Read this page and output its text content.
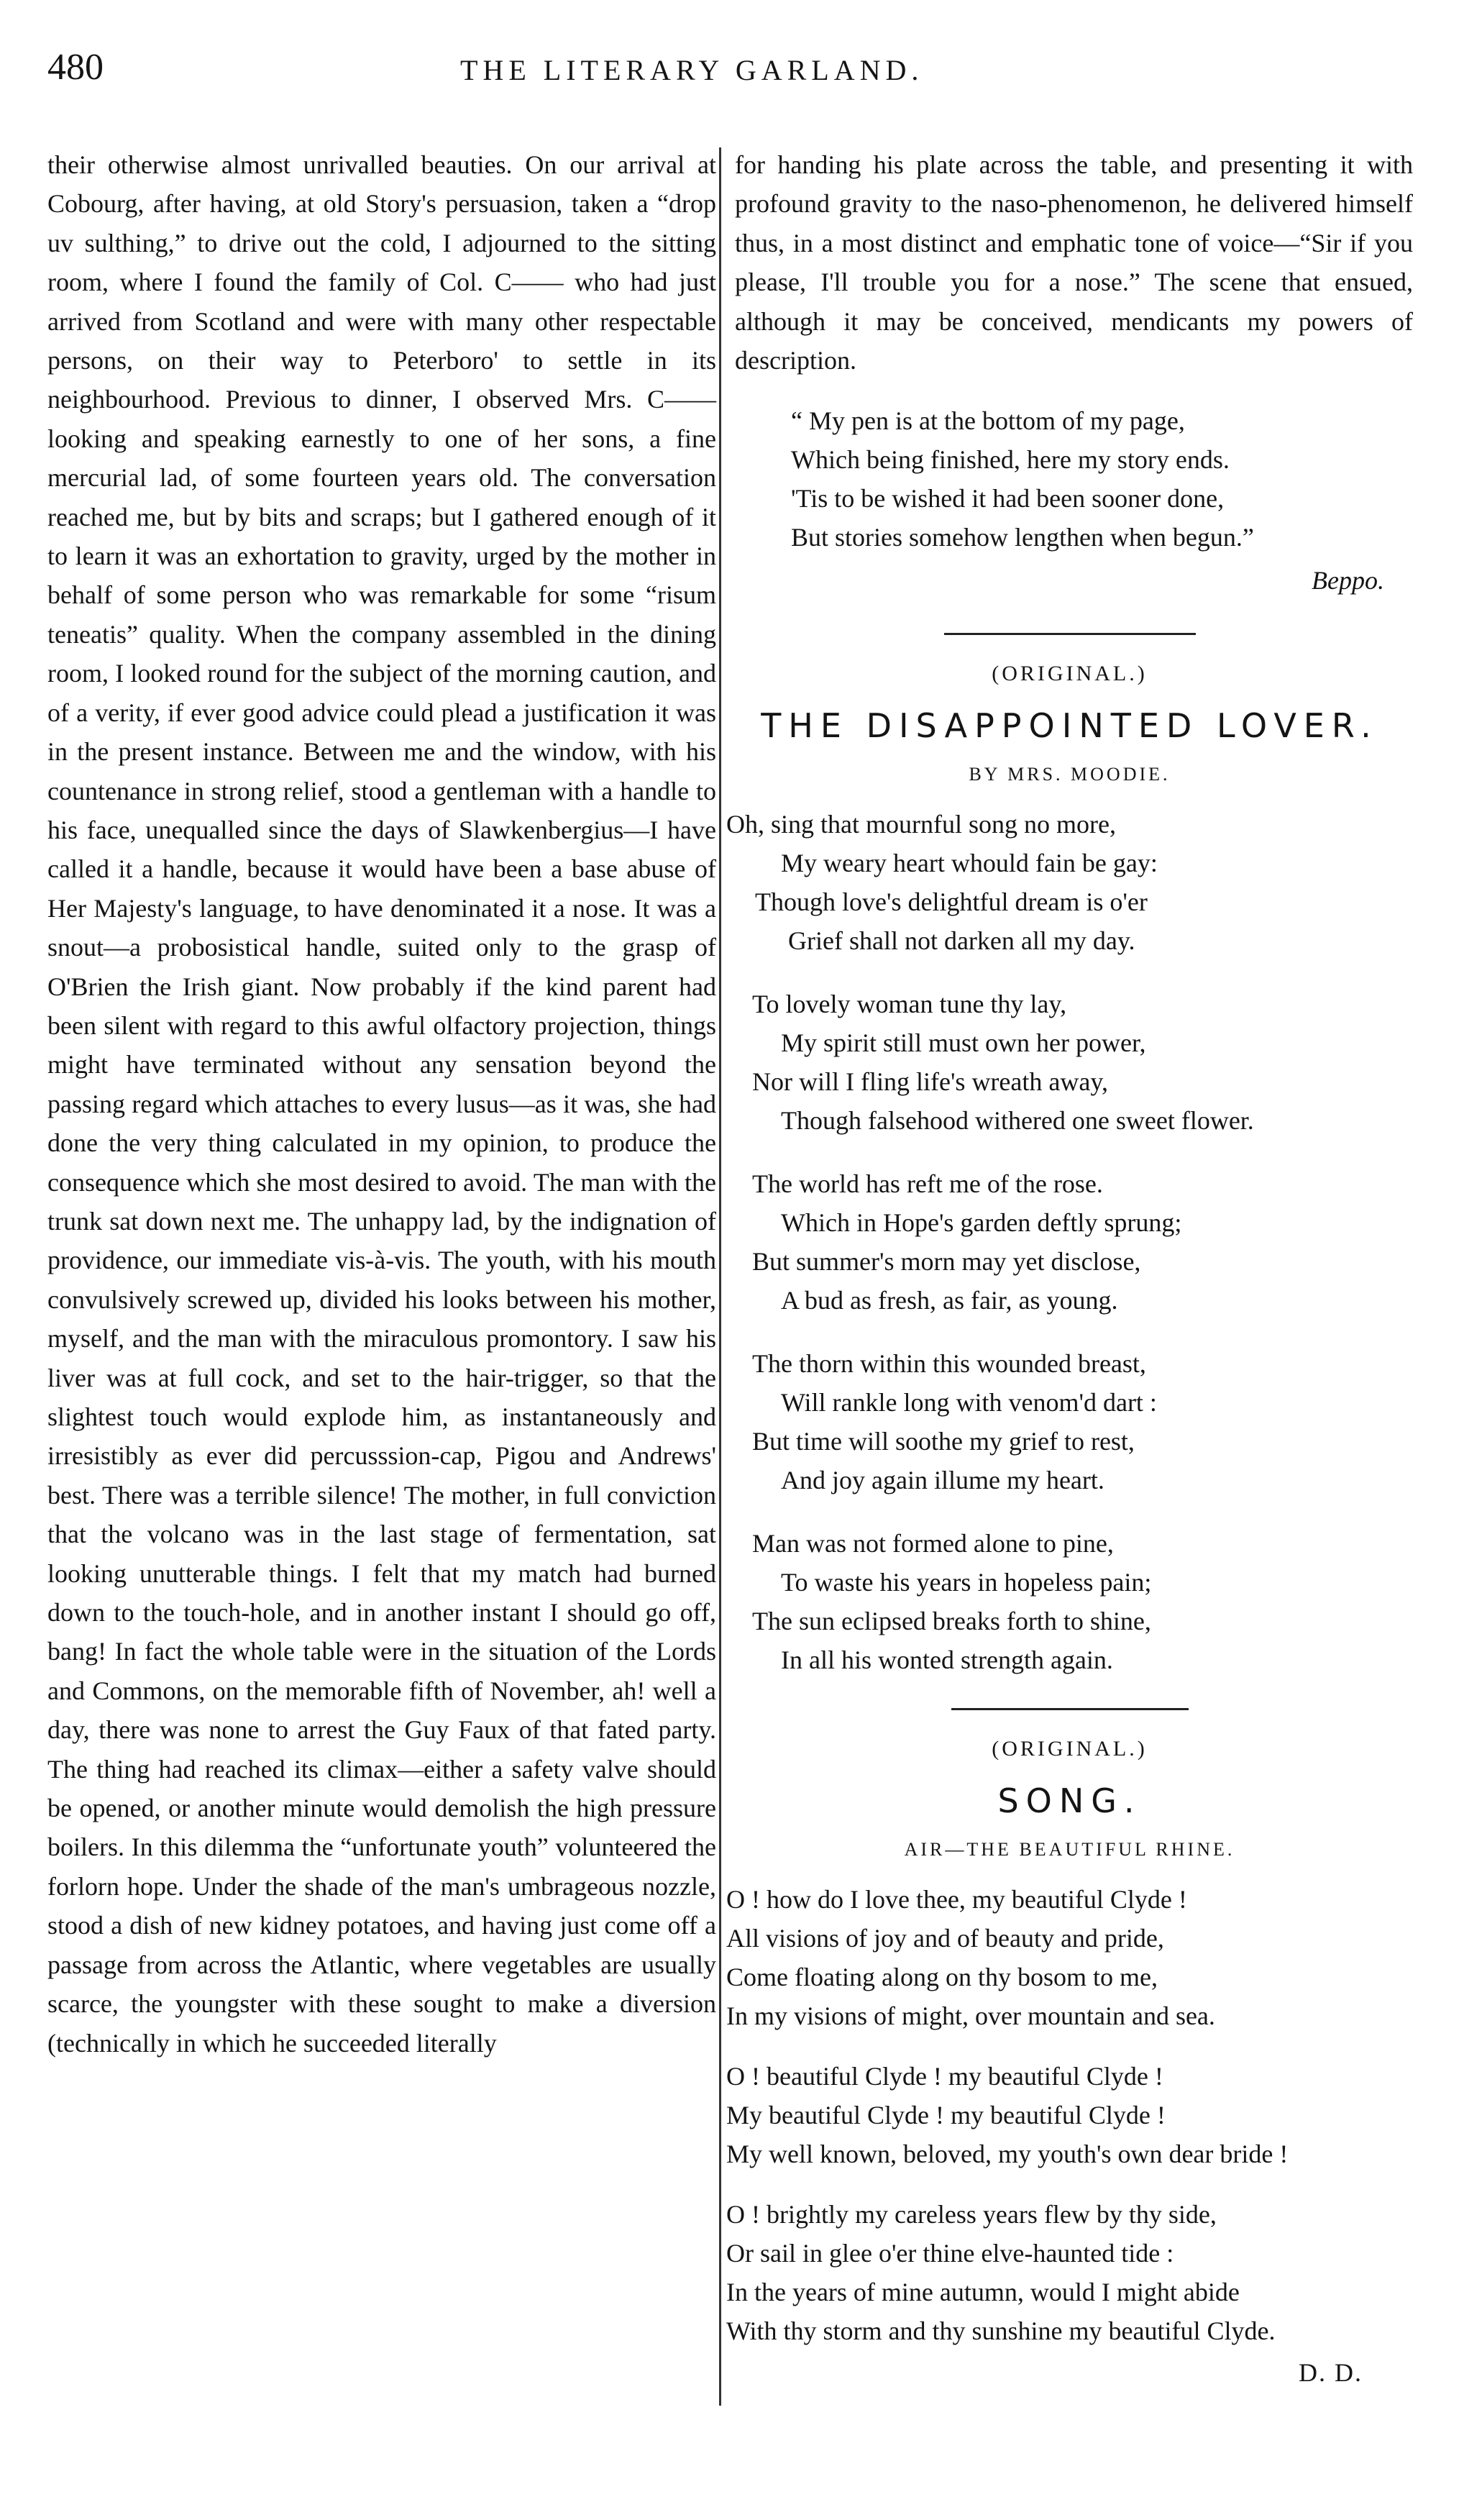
480	THE LITERARY GARLAND.

their otherwise almost unrivalled beauties. On our arrival at Cobourg, after having, at old Story's persuasion, taken a “drop uv sulthing,” to drive out the cold, I adjourned to the sitting room, where I found the family of Col. C—— who had just arrived from Scotland and were with many other respectable persons, on their way to Peterboro' to settle in its neighbourhood. Previous to dinner, I observed Mrs. C—— looking and speaking earnestly to one of her sons, a fine mercurial lad, of some fourteen years old. The conversation reached me, but by bits and scraps; but I gathered enough of it to learn it was an exhortation to gravity, urged by the mother in behalf of some person who was remarkable for some “risum teneatis” quality. When the company assembled in the dining room, I looked round for the subject of the morning caution, and of a verity, if ever good advice could plead a justification it was in the present instance. Between me and the window, with his countenance in strong relief, stood a gentleman with a handle to his face, unequalled since the days of Slawkenbergius—I have called it a handle, because it would have been a base abuse of Her Majesty's language, to have denominated it a nose. It was a snout—a probosistical handle, suited only to the grasp of O'Brien the Irish giant. Now probably if the kind parent had been silent with regard to this awful olfactory projection, things might have terminated without any sensation beyond the passing regard which attaches to every lusus—as it was, she had done the very thing calculated in my opinion, to produce the consequence which she most desired to avoid. The man with the trunk sat down next me. The unhappy lad, by the indignation of providence, our immediate vis-à-vis. The youth, with his mouth convulsively screwed up, divided his looks between his mother, myself, and the man with the miraculous promontory. I saw his liver was at full cock, and set to the hair-trigger, so that the slightest touch would explode him, as instantaneously and irresistibly as ever did percusssion-cap, Pigou and Andrews' best. There was a terrible silence! The mother, in full conviction that the volcano was in the last stage of fermentation, sat looking unutterable things. I felt that my match had burned down to the touch-hole, and in another instant I should go off, bang! In fact the whole table were in the situation of the Lords and Commons, on the memorable fifth of November, ah! well a day, there was none to arrest the Guy Faux of that fated party. The thing had reached its climax—either a safety valve should be opened, or another minute would demolish the high pressure boilers. In this dilemma the “unfortunate youth” volunteered the forlorn hope. Under the shade of the man's umbrageous nozzle, stood a dish of new kidney potatoes, and having just come off a passage from across the Atlantic, where vegetables are usually scarce, the youngster with these sought to make a diversion (technically in which he succeeded literally

for handing his plate across the table, and presenting it with profound gravity to the naso-phenomenon, he delivered himself thus, in a most distinct and emphatic tone of voice—“Sir if you please, I'll trouble you for a nose.” The scene that ensued, although it may be conceived, mendicants my powers of description.

“ My pen is at the bottom of my page,
Which being finished, here my story ends.
'Tis to be wished it had been sooner done,
But stories somehow lengthen when begun.”
Beppo.
(ORIGINAL.)
THE DISAPPOINTED LOVER.
BY MRS. MOODIE.
Oh, sing that mournful song no more,
My weary heart whould fain be gay:
Though love's delightful dream is o'er
Grief shall not darken all my day.
To lovely woman tune thy lay,
My spirit still must own her power,
Nor will I fling life's wreath away,
Though falsehood withered one sweet flower.
The world has reft me of the rose.
Which in Hope's garden deftly sprung;
But summer's morn may yet disclose,
A bud as fresh, as fair, as young.
The thorn within this wounded breast,
Will rankle long with venom'd dart :
But time will soothe my grief to rest,
And joy again illume my heart.
Man was not formed alone to pine,
To waste his years in hopeless pain;
The sun eclipsed breaks forth to shine,
In all his wonted strength again.
(ORIGINAL.)
SONG.
AIR—THE BEAUTIFUL RHINE.
O ! how do I love thee, my beautiful Clyde !
All visions of joy and of beauty and pride,
Come floating along on thy bosom to me,
In my visions of might, over mountain and sea.
O ! beautiful Clyde ! my beautiful Clyde !
My beautiful Clyde ! my beautiful Clyde !
My well known, beloved, my youth's own dear bride !
O ! brightly my careless years flew by thy side,
Or sail in glee o'er thine elve-haunted tide :
In the years of mine autumn, would I might abide
With thy storm and thy sunshine my beautiful Clyde.
D. D.
